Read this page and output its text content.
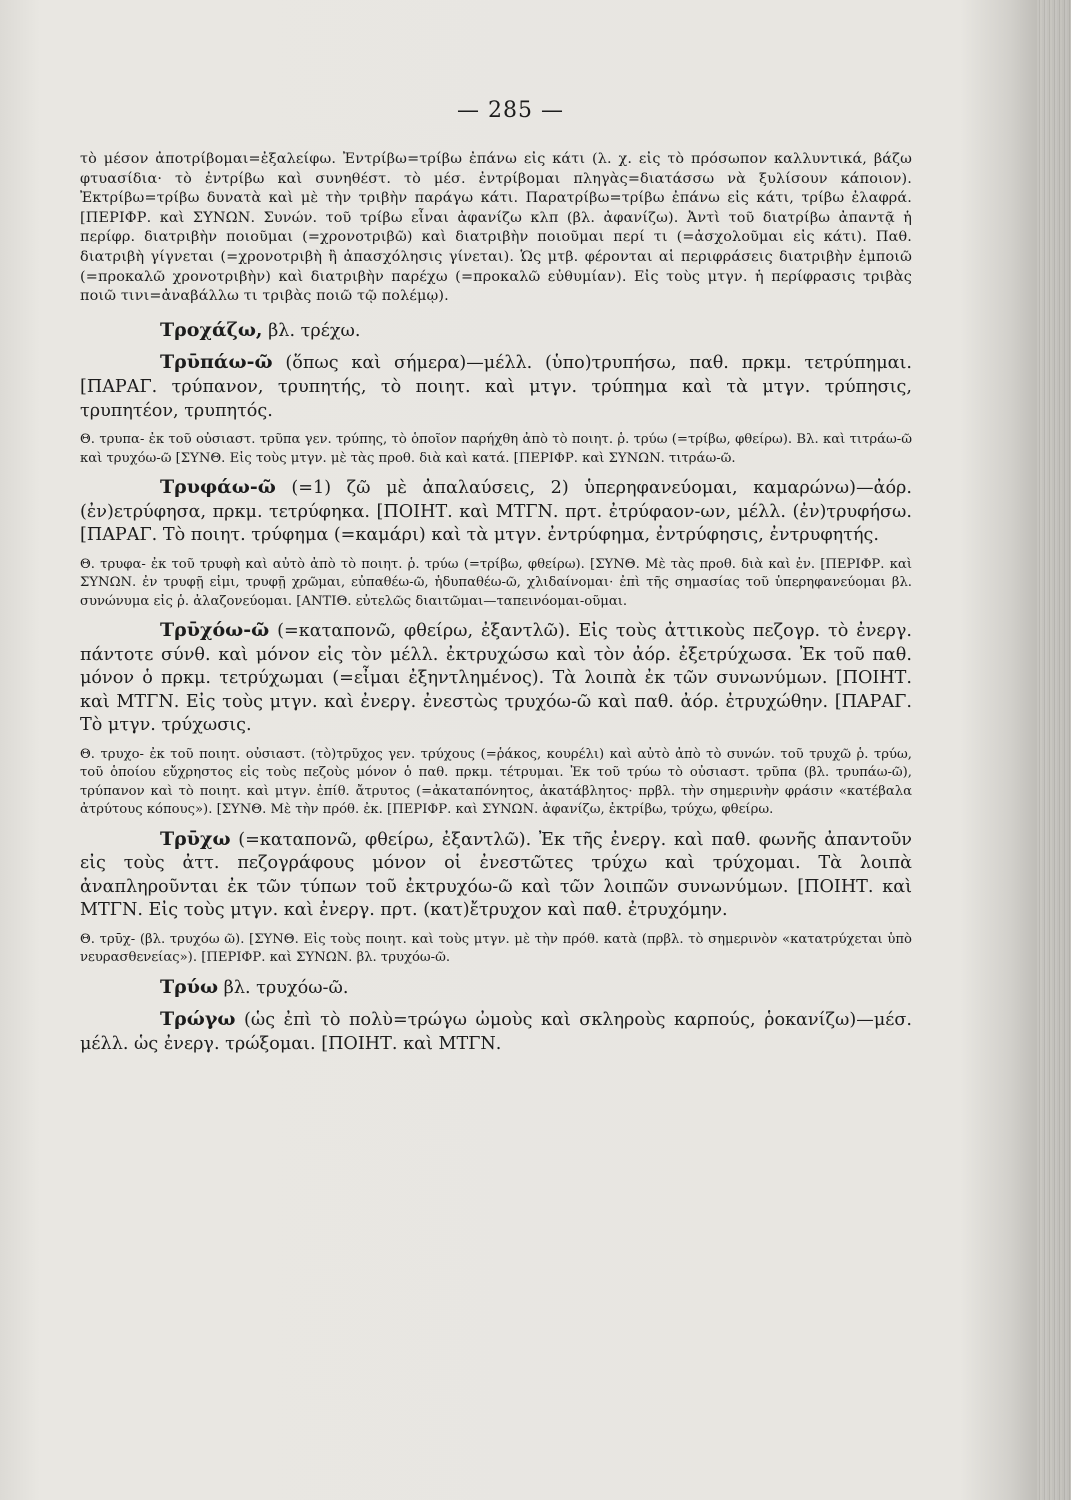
— 285 —

τὸ μέσον ἀποτρίβομαι=ἐξαλείφω. Ἐντρίβω=τρίβω ἐπάνω εἰς κάτι (λ. χ. εἰς τὸ πρόσωπον καλλυντικά, βάζω φτυασίδια· τὸ ἐντρίβω καὶ συνηθέστ. τὸ μέσ. ἐντρίβομαι πληγὰς=διατάσσω νὰ ξυλίσουν κάποιον). Ἐκτρίβω=τρίβω δυνατὰ καὶ μὲ τὴν τριβὴν παράγω κάτι. Παρατρίβω=τρίβω ἐπάνω εἰς κάτι, τρίβω ἐλαφρά. [ΠΕΡΙΦΡ. καὶ ΣΥΝΩΝ. Συνών. τοῦ τρίβω εἶναι ἀφανίζω κλπ (βλ. ἀφανίζω). Ἀντὶ τοῦ διατρίβω ἀπαντᾷ ἡ περίφρ. διατριβὴν ποιοῦμαι (=χρονοτριβῶ) καὶ διατριβὴν ποιοῦμαι περί τι (=ἀσχολοῦμαι εἰς κάτι). Παθ. διατριβὴ γίγνεται (=χρονοτριβὴ ἢ ἀπασχόλησις γίνεται). Ὡς μτβ. φέρονται αἱ περιφράσεις διατριβὴν ἐμποιῶ (=προκαλῶ χρονοτριβὴν) καὶ διατριβὴν παρέχω (=προκαλῶ εὐθυμίαν). Εἰς τοὺς μτγν. ἡ περίφρασις τριβὰς ποιῶ τινι=ἀναβάλλω τι τριβὰς ποιῶ τῷ πολέμῳ).

Τροχάζω, βλ. τρέχω.

Τρῡπάω-ῶ (ὅπως καὶ σήμερα)—μέλλ. (ὑπο)τρυπήσω, παθ. πρκμ. τετρύπημαι. [ΠΑΡΑΓ. τρύπανον, τρυπητής, τὸ ποιητ. καὶ μτγν. τρύπημα καὶ τὰ μτγν. τρύπησις, τρυπητέον, τρυπητός.

Θ. τρυπα- ἐκ τοῦ οὐσιαστ. τρῦπα γεν. τρύπης, τὸ ὁποῖον παρήχθη ἀπὸ τὸ ποιητ. ῥ. τρύω (=τρίβω, φθείρω). Βλ. καὶ τιτράω-ῶ καὶ τρυχόω-ῶ [ΣΥΝΘ. Εἰς τοὺς μτγν. μὲ τὰς προθ. διὰ καὶ κατά. [ΠΕΡΙΦΡ. καὶ ΣΥΝΩΝ. τιτράω-ῶ.

Τρυφάω-ῶ (=1) ζῶ μὲ ἀπαλαύσεις, 2) ὑπερηφανεύομαι, καμαρώνω)—ἀόρ. (ἐν)ετρύφησα, πρκμ. τετρύφηκα. [ΠΟΙΗΤ. καὶ ΜΤΓΝ. πρτ. ἐτρύφαον-ων, μέλλ. (ἐν)τρυφήσω. [ΠΑΡΑΓ. Τὸ ποιητ. τρύφημα (=καμάρι) καὶ τὰ μτγν. ἐντρύφημα, ἐντρύφησις, ἐντρυφητής.

Θ. τρυφα- ἐκ τοῦ τρυφὴ καὶ αὐτὸ ἀπὸ τὸ ποιητ. ῥ. τρύω (=τρίβω, φθείρω). [ΣΥΝΘ. Μὲ τὰς προθ. διὰ καὶ ἐν. [ΠΕΡΙΦΡ. καὶ ΣΥΝΩΝ. ἐν τρυφῇ εἰμι, τρυφῇ χρῶμαι, εὐπαθέω-ῶ, ἡδυπαθέω-ῶ, χλιδαίνομαι· ἐπὶ τῆς σημασίας τοῦ ὑπερηφανεύομαι βλ. συνώνυμα εἰς ῥ. ἀλαζονεύομαι. [ΑΝΤΙΘ. εὐτελῶς διαιτῶμαι—ταπεινόομαι-οῦμαι.

Τρῡχόω-ῶ (=καταπονῶ, φθείρω, ἐξαντλῶ). Εἰς τοὺς ἀττικοὺς πεζογρ. τὸ ἐνεργ. πάντοτε σύνθ. καὶ μόνον εἰς τὸν μέλλ. ἐκτρυχώσω καὶ τὸν ἀόρ. ἐξετρύχωσα. Ἐκ τοῦ παθ. μόνον ὁ πρκμ. τετρύχωμαι (=εἶμαι ἐξηντλημένος). Τὰ λοιπὰ ἐκ τῶν συνωνύμων. [ΠΟΙΗΤ. καὶ ΜΤΓΝ. Εἰς τοὺς μτγν. καὶ ἐνεργ. ἐνεστὼς τρυχόω-ῶ καὶ παθ. ἀόρ. ἐτρυχώθην. [ΠΑΡΑΓ. Τὸ μτγν. τρύχωσις.

Θ. τρυχο- ἐκ τοῦ ποιητ. οὐσιαστ. (τὸ)τρῦχος γεν. τρύχους (=ῥάκος, κουρέλι) καὶ αὐτὸ ἀπὸ τὸ συνών. τοῦ τρυχῶ ῥ. τρύω, τοῦ ὁποίου εὔχρηστος εἰς τοὺς πεζοὺς μόνον ὁ παθ. πρκμ. τέτρυμαι. Ἐκ τοῦ τρύω τὸ οὐσιαστ. τρῦπα (βλ. τρυπάω-ῶ), τρύπανον καὶ τὸ ποιητ. καὶ μτγν. ἐπίθ. ἄτρυτος (=ἀκαταπόνητος, ἀκατάβλητος· πρβλ. τὴν σημερινὴν φράσιν «κατέβαλα ἀτρύτους κόπους»). [ΣΥΝΘ. Μὲ τὴν πρόθ. ἐκ. [ΠΕΡΙΦΡ. καὶ ΣΥΝΩΝ. ἀφανίζω, ἐκτρίβω, τρύχω, φθείρω.

Τρῡχω (=καταπονῶ, φθείρω, ἐξαντλῶ). Ἐκ τῆς ἐνεργ. καὶ παθ. φωνῆς ἀπαντοῦν εἰς τοὺς ἀττ. πεζογράφους μόνον οἱ ἐνεστῶτες τρύχω καὶ τρύχομαι. Τὰ λοιπὰ ἀναπληροῦνται ἐκ τῶν τύπων τοῦ ἐκτρυχόω-ῶ καὶ τῶν λοιπῶν συνωνύμων. [ΠΟΙΗΤ. καὶ ΜΤΓΝ. Εἰς τοὺς μτγν. καὶ ἐνεργ. πρτ. (κατ)ἔτρυχον καὶ παθ. ἐτρυχόμην.

Θ. τρῡχ- (βλ. τρυχόω ῶ). [ΣΥΝΘ. Εἰς τοὺς ποιητ. καὶ τοὺς μτγν. μὲ τὴν πρόθ. κατὰ (πρβλ. τὸ σημερινὸν «κατατρύχεται ὑπὸ νευρασθενείας»). [ΠΕΡΙΦΡ. καὶ ΣΥΝΩΝ. βλ. τρυχόω-ῶ.

Τρύω βλ. τρυχόω-ῶ.

Τρώγω (ὡς ἐπὶ τὸ πολὺ=τρώγω ὠμοὺς καὶ σκληροὺς καρπούς, ῥοκανίζω)—μέσ. μέλλ. ὡς ἐνεργ. τρώξομαι. [ΠΟΙΗΤ. καὶ ΜΤΓΝ.
